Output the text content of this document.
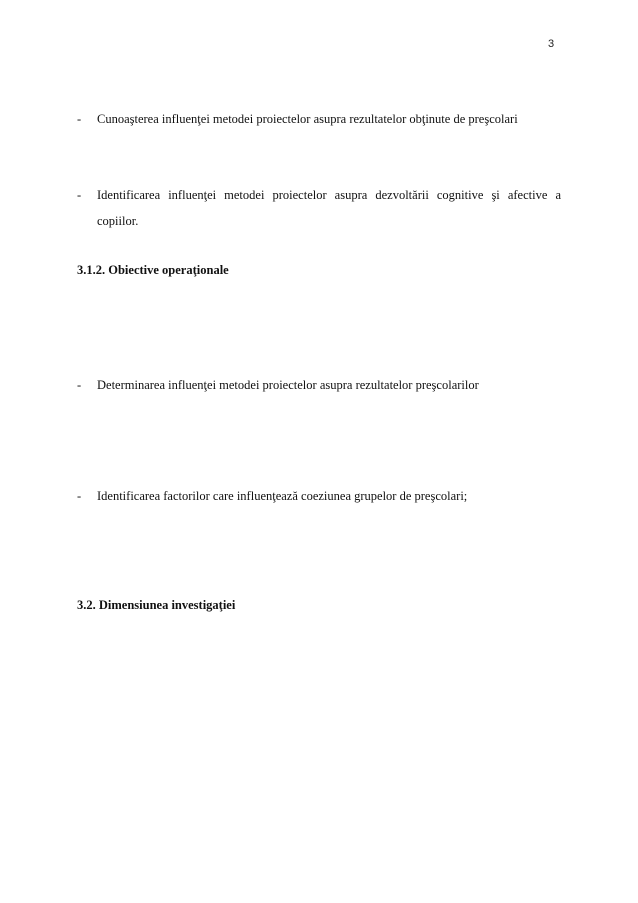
3
- Cunoaşterea influenţei metodei proiectelor asupra rezultatelor obţinute de preşcolari
- Identificarea influenţei metodei proiectelor asupra dezvoltării cognitive şi afective a
copiilor.
3.1.2. Obiective operaţionale
- Determinarea influenţei metodei proiectelor asupra rezultatelor preşcolarilor
- Identificarea factorilor care influenţează coeziunea grupelor de preşcolari;
3.2. Dimensiunea investigaţiei
